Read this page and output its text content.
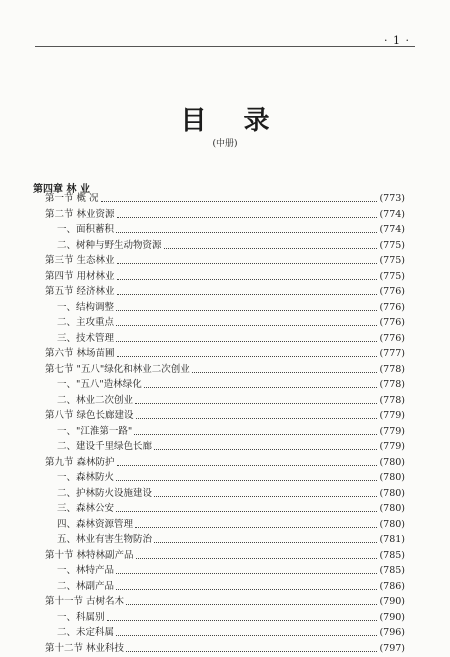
· 1 ·
目 录
(中册)
第四章 林 业
第一节 概 况	(773)
第二节 林业资源	(774)
一、面积蓄积	(774)
二、树种与野生动物资源	(775)
第三节 生态林业	(775)
第四节 用材林业	(775)
第五节 经济林业	(776)
一、结构调整	(776)
二、主攻重点	(776)
三、技术管理	(776)
第六节 林场苗圃	(777)
第七节 "五八"绿化和林业二次创业	(778)
一、"五八"造林绿化	(778)
二、林业二次创业	(778)
第八节 绿色长廊建设	(779)
一、"江淮第一路"	(779)
二、建设千里绿色长廊	(779)
第九节 森林防护	(780)
一、森林防火	(780)
二、护林防火设施建设	(780)
三、森林公安	(780)
四、森林资源管理	(780)
五、林业有害生物防治	(781)
第十节 林特林副产品	(785)
一、林特产品	(785)
二、林副产品	(786)
第十一节 古树名木	(790)
一、科属别	(790)
二、未定科属	(796)
第十二节 林业科技	(797)
